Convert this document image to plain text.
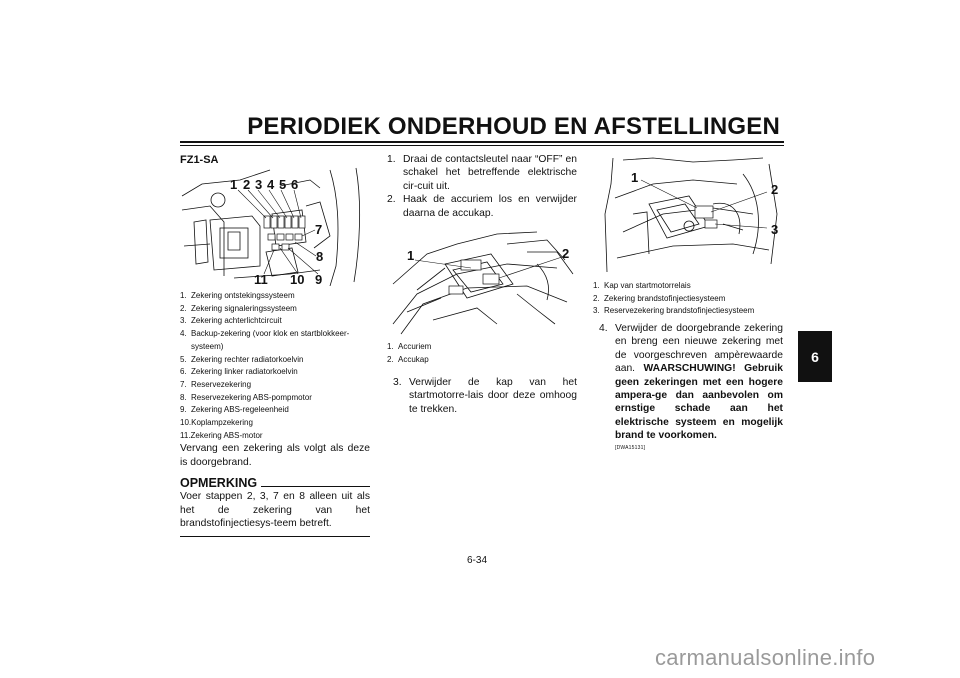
PERIODIEK ONDERHOUD EN AFSTELLINGEN
6
FZ1-SA
1 2 3 4 5 6
7
8
9
10
11
1. Zekering ontstekingssysteem
2. Zekering signaleringssysteem
3. Zekering achterlichtcircuit
4. Backup-zekering (voor klok en startblokkeer-
systeem)
5. Zekering rechter radiatorkoelvin
6. Zekering linker radiatorkoelvin
7. Reservezekering
8. Reservezekering ABS-pompmotor
9. Zekering ABS-regeleenheid
10. Koplampzekering
11. Zekering ABS-motor
Vervang een zekering als volgt als deze is doorgebrand.
OPMERKING
Voer stappen 2, 3, 7 en 8 alleen uit als het de zekering van het brandstofinjectiesys-teem betreft.
1. Draai de contactsleutel naar “OFF” en schakel het betreffende elektrische cir-cuit uit.
2. Haak de accuriem los en verwijder daarna de accukap.
1	2
1. Accuriem
2. Accukap
3. Verwijder de kap van het startmotorre-lais door deze omhoog te trekken.
1
2
3
1. Kap van startmotorrelais
2. Zekering brandstofinjectiesysteem
3. Reservezekering brandstofinjectiesysteem
4. Verwijder de doorgebrande zekering en breng een nieuwe zekering met de voorgeschreven ampèrewaarde aan. WAARSCHUWING! Gebruik geen zekeringen met een hogere ampera-ge dan aanbevolen om ernstige schade aan het elektrische systeem en mogelijk brand te voorkomen.
[DWA15131]
6-34
carmanualsonline.info
